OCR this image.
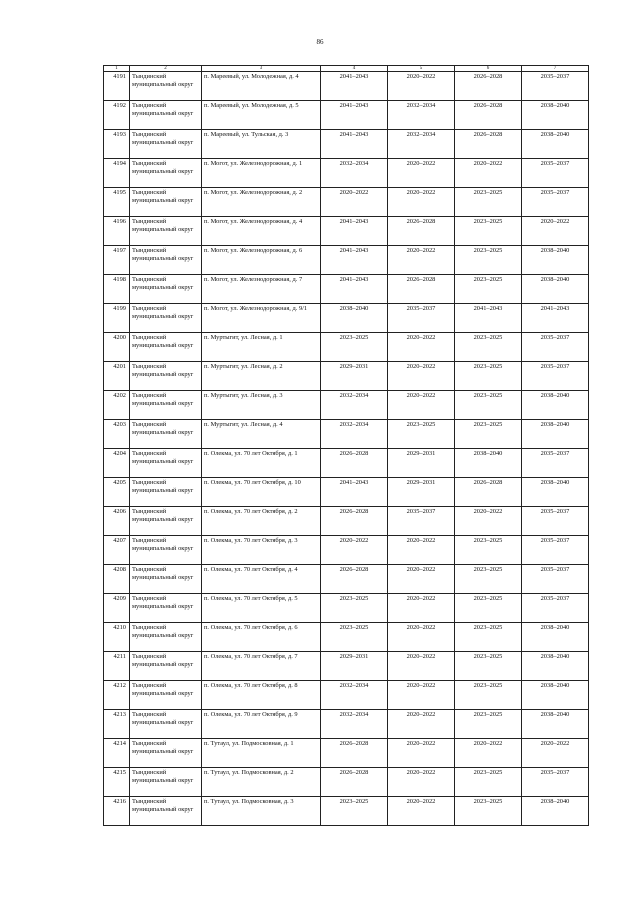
86
1	2	3	4	5	6	7
4191	Тындинский муниципальный округ	п. Мареевый, ул. Молодежная, д. 4	2041–2043	2020–2022	2026–2028	2035–2037
4192	Тындинский муниципальный округ	п. Мареевый, ул. Молодежная, д. 5	2041–2043	2032–2034	2026–2028	2038–2040
4193	Тындинский муниципальный округ	п. Мареевый, ул. Тульская, д. 3	2041–2043	2032–2034	2026–2028	2038–2040
4194	Тындинский муниципальный округ	п. Могот, ул. Железнодорожная, д. 1	2032–2034	2020–2022	2020–2022	2035–2037
4195	Тындинский муниципальный округ	п. Могот, ул. Железнодорожная, д. 2	2020–2022	2020–2022	2023–2025	2035–2037
4196	Тындинский муниципальный округ	п. Могот, ул. Железнодорожная, д. 4	2041–2043	2026–2028	2023–2025	2020–2022
4197	Тындинский муниципальный округ	п. Могот, ул. Железнодорожная, д. 6	2041–2043	2020–2022	2023–2025	2038–2040
4198	Тындинский муниципальный округ	п. Могот, ул. Железнодорожная, д. 7	2041–2043	2026–2028	2023–2025	2038–2040
4199	Тындинский муниципальный округ	п. Могот, ул. Железнодорожная, д. 9/1	2038–2040	2035–2037	2041–2043	2041–2043
4200	Тындинский муниципальный округ	п. Муртыгит, ул. Лесная, д. 1	2023–2025	2020–2022	2023–2025	2035–2037
4201	Тындинский муниципальный округ	п. Муртыгит, ул. Лесная, д. 2	2029–2031	2020–2022	2023–2025	2035–2037
4202	Тындинский муниципальный округ	п. Муртыгит, ул. Лесная, д. 3	2032–2034	2020–2022	2023–2025	2038–2040
4203	Тындинский муниципальный округ	п. Муртыгит, ул. Лесная, д. 4	2032–2034	2023–2025	2023–2025	2038–2040
4204	Тындинский муниципальный округ	п. Олекма, ул. 70 лет Октября, д. 1	2026–2028	2029–2031	2038–2040	2035–2037
4205	Тындинский муниципальный округ	п. Олекма, ул. 70 лет Октября, д. 10	2041–2043	2029–2031	2026–2028	2038–2040
4206	Тындинский муниципальный округ	п. Олекма, ул. 70 лет Октября, д. 2	2026–2028	2035–2037	2020–2022	2035–2037
4207	Тындинский муниципальный округ	п. Олекма, ул. 70 лет Октября, д. 3	2020–2022	2020–2022	2023–2025	2035–2037
4208	Тындинский муниципальный округ	п. Олекма, ул. 70 лет Октября, д. 4	2026–2028	2020–2022	2023–2025	2035–2037
4209	Тындинский муниципальный округ	п. Олекма, ул. 70 лет Октября, д. 5	2023–2025	2020–2022	2023–2025	2035–2037
4210	Тындинский муниципальный округ	п. Олекма, ул. 70 лет Октября, д. 6	2023–2025	2020–2022	2023–2025	2038–2040
4211	Тындинский муниципальный округ	п. Олекма, ул. 70 лет Октября, д. 7	2029–2031	2020–2022	2023–2025	2038–2040
4212	Тындинский муниципальный округ	п. Олекма, ул. 70 лет Октября, д. 8	2032–2034	2020–2022	2023–2025	2038–2040
4213	Тындинский муниципальный округ	п. Олекма, ул. 70 лет Октября, д. 9	2032–2034	2020–2022	2023–2025	2038–2040
4214	Тындинский муниципальный округ	п. Тутаул, ул. Подмосковная, д. 1	2026–2028	2020–2022	2020–2022	2020–2022
4215	Тындинский муниципальный округ	п. Тутаул, ул. Подмосковная, д. 2	2026–2028	2020–2022	2023–2025	2035–2037
4216	Тындинский муниципальный округ	п. Тутаул, ул. Подмосковная, д. 3	2023–2025	2020–2022	2023–2025	2038–2040
